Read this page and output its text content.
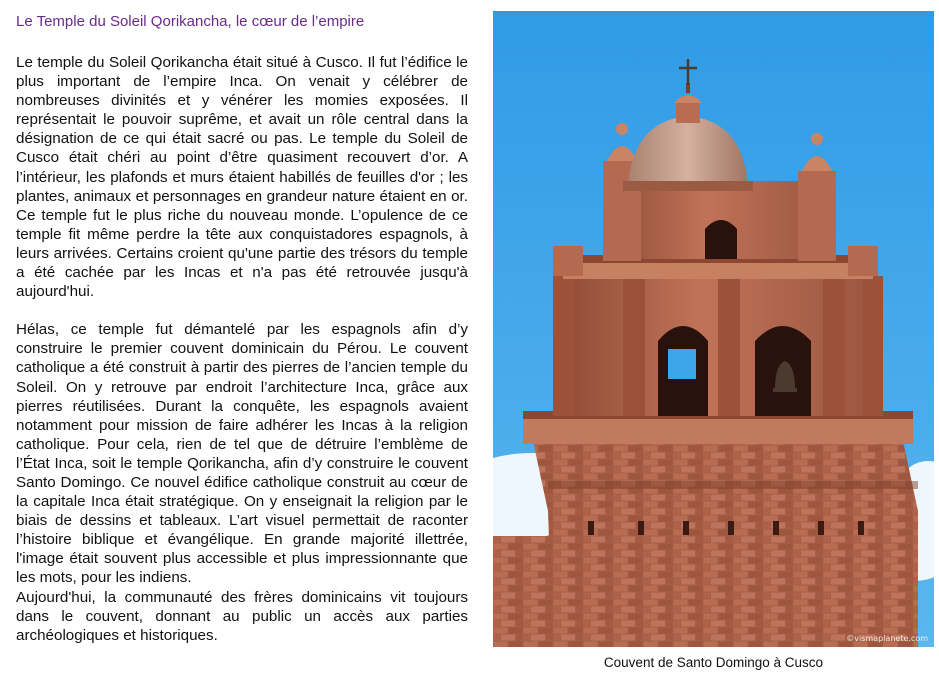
Le Temple du Soleil Qorikancha, le cœur de l’empire

Le temple du Soleil Qorikancha était situé à Cusco. Il fut l’édifice le plus important de l’empire Inca. On venait y célébrer de nombreuses divinités et y vénérer les momies exposées. Il représentait le pouvoir suprême, et avait un rôle central dans la désignation de ce qui était sacré ou pas. Le temple du Soleil de Cusco était chéri au point d’être quasiment recouvert d’or. A l’intérieur, les plafonds et murs étaient habillés de feuilles d'or ; les plantes, animaux et personnages en grandeur nature étaient en or. Ce temple fut le plus riche du nouveau monde. L’opulence de ce temple fit même perdre la tête aux conquistadores espagnols, à leurs arrivées. Certains croient qu'une partie des trésors du temple a été cachée par les Incas et n'a pas été retrouvée jusqu'à aujourd'hui.

Hélas, ce temple fut démantelé par les espagnols afin d’y construire le premier couvent dominicain du Pérou. Le couvent catholique a été construit à partir des pierres de l’ancien temple du Soleil. On y retrouve par endroit l’architecture Inca, grâce aux pierres réutilisées. Durant la conquête, les espagnols avaient notamment pour mission de faire adhérer les Incas à la religion catholique. Pour cela, rien de tel que de détruire l’emblème de l’État Inca, soit le temple Qorikancha, afin d’y construire le couvent Santo Domingo. Ce nouvel édifice catholique construit au cœur de la capitale Inca était stratégique. On y enseignait la religion par le biais de dessins et tableaux. L’art visuel permettait de raconter l’histoire biblique et évangélique. En grande majorité illettrée, l'image était souvent plus accessible et plus impressionnante que les mots, pour les indiens.

Aujourd'hui, la communauté des frères dominicains vit toujours dans le couvent, donnant au public un accès aux parties archéologiques et historiques.	©vismaplanete.com
Couvent de Santo Domingo à Cusco
